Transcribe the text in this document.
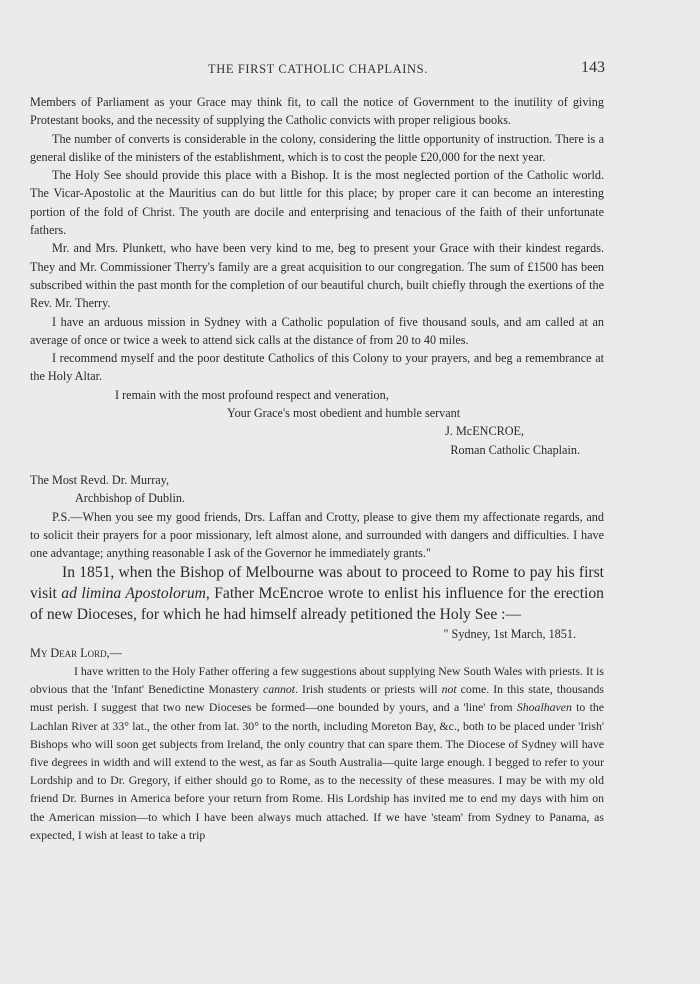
THE FIRST CATHOLIC CHAPLAINS.	143

Members of Parliament as your Grace may think fit, to call the notice of Government to the inutility of giving Protestant books, and the necessity of supplying the Catholic convicts with proper religious books.

The number of converts is considerable in the colony, considering the little opportunity of instruction. There is a general dislike of the ministers of the establishment, which is to cost the people £20,000 for the next year.

The Holy See should provide this place with a Bishop. It is the most neglected portion of the Catholic world. The Vicar-Apostolic at the Mauritius can do but little for this place; by proper care it can become an interesting portion of the fold of Christ. The youth are docile and enterprising and tenacious of the faith of their unfortunate fathers.

Mr. and Mrs. Plunkett, who have been very kind to me, beg to present your Grace with their kindest regards. They and Mr. Commissioner Therry's family are a great acquisition to our congregation. The sum of £1500 has been subscribed within the past month for the completion of our beautiful church, built chiefly through the exertions of the Rev. Mr. Therry.

I have an arduous mission in Sydney with a Catholic population of five thousand souls, and am called at an average of once or twice a week to attend sick calls at the distance of from 20 to 40 miles.

I recommend myself and the poor destitute Catholics of this Colony to your prayers, and beg a remembrance at the Holy Altar.

I remain with the most profound respect and veneration,

Your Grace's most obedient and humble servant

J. McENCROE,

Roman Catholic Chaplain.

The Most Revd. Dr. Murray,

Archbishop of Dublin.

P.S.—When you see my good friends, Drs. Laffan and Crotty, please to give them my affectionate regards, and to solicit their prayers for a poor missionary, left almost alone, and surrounded with dangers and difficulties. I have one advantage; anything reasonable I ask of the Governor he immediately grants."

In 1851, when the Bishop of Melbourne was about to proceed to Rome to pay his first visit ad limina Apostolorum, Father McEncroe wrote to enlist his influence for the erection of new Dioceses, for which he had himself already petitioned the Holy See :—

" Sydney, 1st March, 1851.

My Dear Lord,—

I have written to the Holy Father offering a few suggestions about supplying New South Wales with priests. It is obvious that the 'Infant' Benedictine Monastery cannot. Irish students or priests will not come. In this state, thousands must perish. I suggest that two new Dioceses be formed—one bounded by yours, and a 'line' from Shoalhaven to the Lachlan River at 33° lat., the other from lat. 30° to the north, including Moreton Bay, &c., both to be placed under 'Irish' Bishops who will soon get subjects from Ireland, the only country that can spare them. The Diocese of Sydney will have five degrees in width and will extend to the west, as far as South Australia—quite large enough. I begged to refer to your Lordship and to Dr. Gregory, if either should go to Rome, as to the necessity of these measures. I may be with my old friend Dr. Burnes in America before your return from Rome. His Lordship has invited me to end my days with him on the American mission—to which I have been always much attached. If we have 'steam' from Sydney to Panama, as expected, I wish at least to take a trip
